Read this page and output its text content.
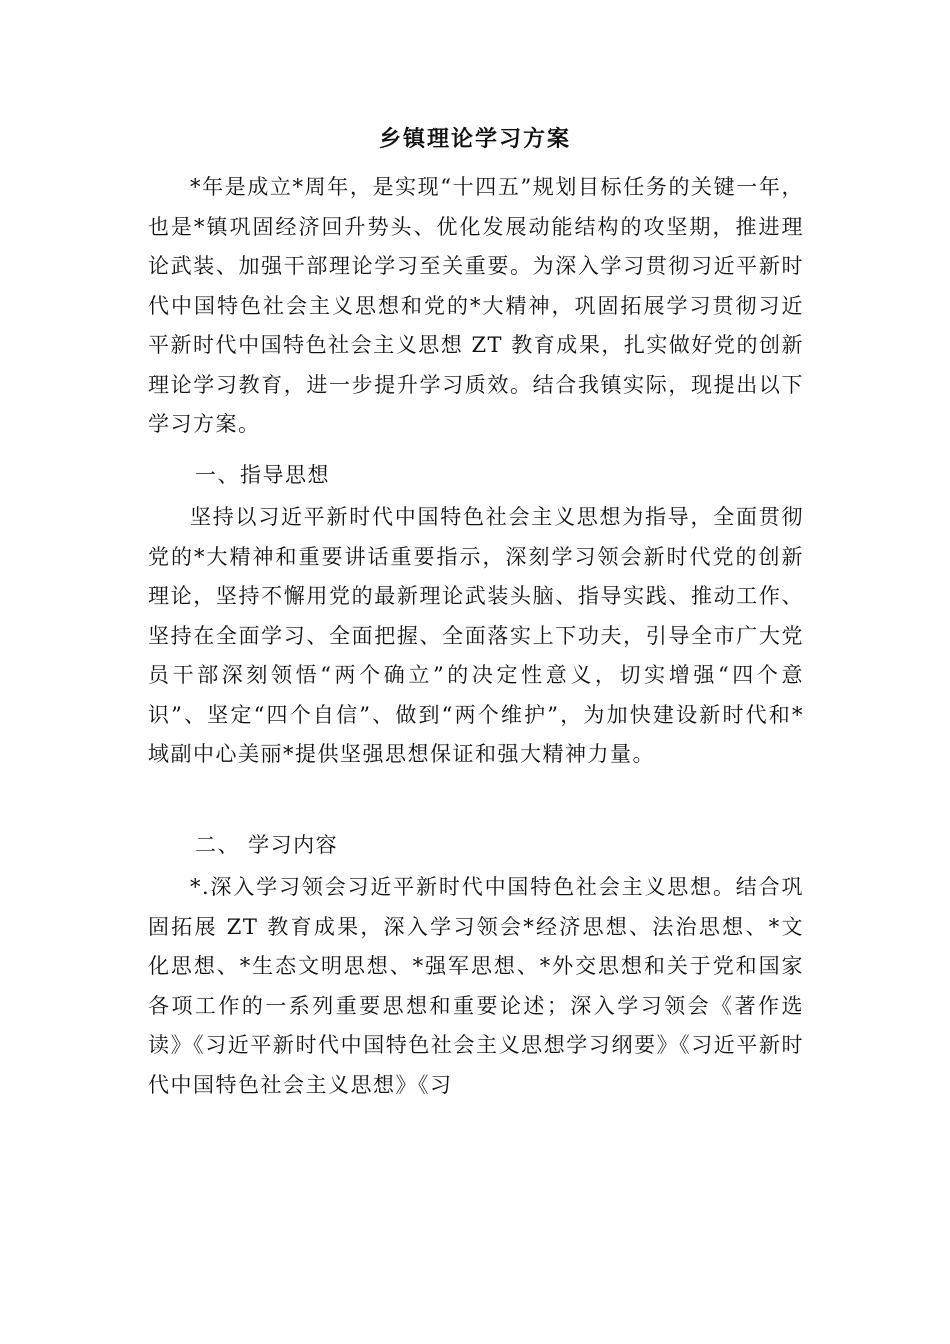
乡镇理论学习方案

*年是成立*周年，是实现“十四五”规划目标任务的关键一年，也是*镇巩固经济回升势头、优化发展动能结构的攻坚期，推进理论武装、加强干部理论学习至关重要。为深入学习贯彻习近平新时代中国特色社会主义思想和党的*大精神，巩固拓展学习贯彻习近平新时代中国特色社会主义思想 ZT 教育成果，扎实做好党的创新理论学习教育，进一步提升学习质效。结合我镇实际，现提出以下学习方案。

一、指导思想

坚持以习近平新时代中国特色社会主义思想为指导，全面贯彻党的*大精神和重要讲话重要指示，深刻学习领会新时代党的创新理论，坚持不懈用党的最新理论武装头脑、指导实践、推动工作、坚持在全面学习、全面把握、全面落实上下功夫，引导全市广大党员干部深刻领悟“两个确立”的决定性意义，切实增强“四个意识”、坚定“四个自信”、做到“两个维护”，为加快建设新时代和*域副中心美丽*提供坚强思想保证和强大精神力量。

二、 学习内容

*.深入学习领会习近平新时代中国特色社会主义思想。结合巩固拓展 ZT 教育成果，深入学习领会*经济思想、法治思想、*文化思想、*生态文明思想、*强军思想、*外交思想和关于党和国家各项工作的一系列重要思想和重要论述；深入学习领会《著作选读》《习近平新时代中国特色社会主义思想学习纲要》《习近平新时代中国特色社会主义思想》《习
